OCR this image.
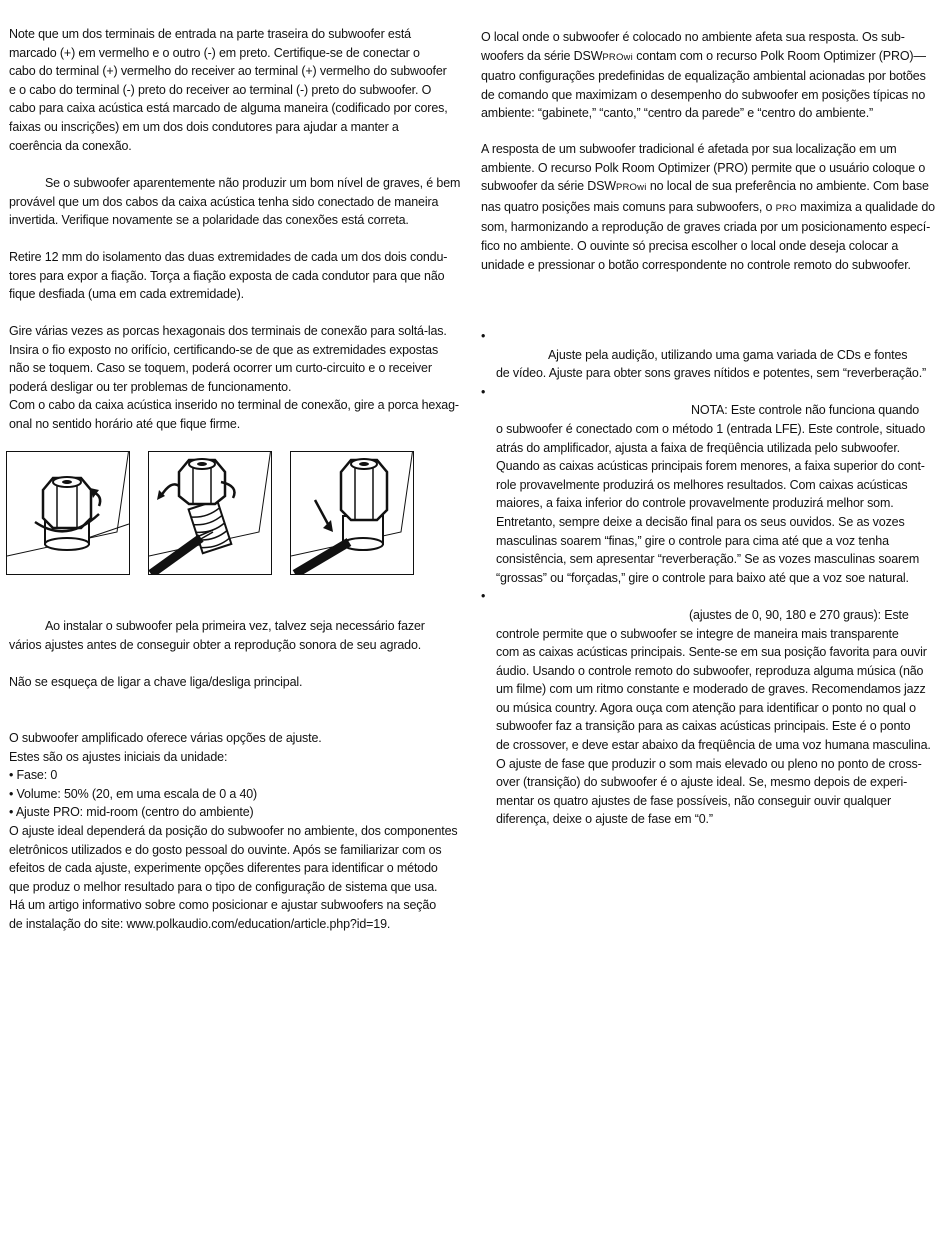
Note que um dos terminais de entrada na parte traseira do subwoofer está
marcado (+) em vermelho e o outro (-) em preto. Certifique-se de conectar o
cabo do terminal (+) vermelho do receiver ao terminal (+) vermelho do subwoofer
e o cabo do terminal (-) preto do receiver ao terminal (-) preto do subwoofer. O
cabo para caixa acústica está marcado de alguma maneira (codificado por cores,
faixas ou inscrições) em um dos dois condutores para ajudar a manter a
coerência da conexão.

Se o subwoofer aparentemente não produzir um bom nível de graves, é bem
provável que um dos cabos da caixa acústica tenha sido conectado de maneira
invertida. Verifique novamente se a polaridade das conexões está correta.

Retire 12 mm do isolamento das duas extremidades de cada um dos dois condu-
tores para expor a fiação. Torça a fiação exposta de cada condutor para que não
fique desfiada (uma em cada extremidade).

Gire várias vezes as porcas hexagonais dos terminais de conexão para soltá-las.
Insira o fio exposto no orifício, certificando-se de que as extremidades expostas
não se toquem. Caso se toquem, poderá ocorrer um curto-circuito e o receiver
poderá desligar ou ter problemas de funcionamento.
Com o cabo da caixa acústica inserido no terminal de conexão, gire a porca hexag-
onal no sentido horário até que fique firme.

Ao instalar o subwoofer pela primeira vez, talvez seja necessário fazer
vários ajustes antes de conseguir obter a reprodução sonora de seu agrado.

Não se esqueça de ligar a chave liga/desliga principal.

O subwoofer amplificado oferece várias opções de ajuste.
Estes são os ajustes iniciais da unidade:
• Fase: 0
• Volume: 50% (20, em uma escala de 0 a 40)
• Ajuste PRO: mid-room (centro do ambiente)
O ajuste ideal dependerá da posição do subwoofer no ambiente, dos componentes
eletrônicos utilizados e do gosto pessoal do ouvinte. Após se familiarizar com os
efeitos de cada ajuste, experimente opções diferentes para identificar o método
que produz o melhor resultado para o tipo de configuração de sistema que usa.
Há um artigo informativo sobre como posicionar e ajustar subwoofers na seção
de instalação do site: www.polkaudio.com/education/article.php?id=19.

O local onde o subwoofer é colocado no ambiente afeta sua resposta. Os sub-
woofers da série DSWPROwi contam com o recurso Polk Room Optimizer (PRO)—
quatro configurações predefinidas de equalização ambiental acionadas por botões
de comando que maximizam o desempenho do subwoofer em posições típicas no
ambiente: “gabinete,” “canto,” “centro da parede” e “centro do ambiente.”

A resposta de um subwoofer tradicional é afetada por sua localização em um
ambiente. O recurso Polk Room Optimizer (PRO) permite que o usuário coloque o
subwoofer da série DSWPROwi no local de sua preferência no ambiente. Com base
nas quatro posições mais comuns para subwoofers, o PRO maximiza a qualidade do
som, harmonizando a reprodução de graves criada por um posicionamento especí-
fico no ambiente. O ouvinte só precisa escolher o local onde deseja colocar a
unidade e pressionar o botão correspondente no controle remoto do subwoofer.

•
Ajuste pela audição, utilizando uma gama variada de CDs e fontes
de vídeo. Ajuste para obter sons graves nítidos e potentes, sem “reverberação.”

•
NOTA: Este controle não funciona quando
o subwoofer é conectado com o método 1 (entrada LFE). Este controle, situado
atrás do amplificador, ajusta a faixa de freqüência utilizada pelo subwoofer.
Quando as caixas acústicas principais forem menores, a faixa superior do cont-
role provavelmente produzirá os melhores resultados. Com caixas acústicas
maiores, a faixa inferior do controle provavelmente produzirá melhor som.
Entretanto, sempre deixe a decisão final para os seus ouvidos. Se as vozes
masculinas soarem “finas,” gire o controle para cima até que a voz tenha
consistência, sem apresentar “reverberação.” Se as vozes masculinas soarem
“grossas” ou “forçadas,” gire o controle para baixo até que a voz soe natural.

•
(ajustes de 0, 90, 180 e 270 graus): Este
controle permite que o subwoofer se integre de maneira mais transparente
com as caixas acústicas principais. Sente-se em sua posição favorita para ouvir
áudio. Usando o controle remoto do subwoofer, reproduza alguma música (não
um filme) com um ritmo constante e moderado de graves. Recomendamos jazz
ou música country. Agora ouça com atenção para identificar o ponto no qual o
subwoofer faz a transição para as caixas acústicas principais. Este é o ponto
de crossover, e deve estar abaixo da freqüência de uma voz humana masculina.
O ajuste de fase que produzir o som mais elevado ou pleno no ponto de cross-
over (transição) do subwoofer é o ajuste ideal. Se, mesmo depois de experi-
mentar os quatro ajustes de fase possíveis, não conseguir ouvir qualquer
diferença, deixe o ajuste de fase em “0.”
